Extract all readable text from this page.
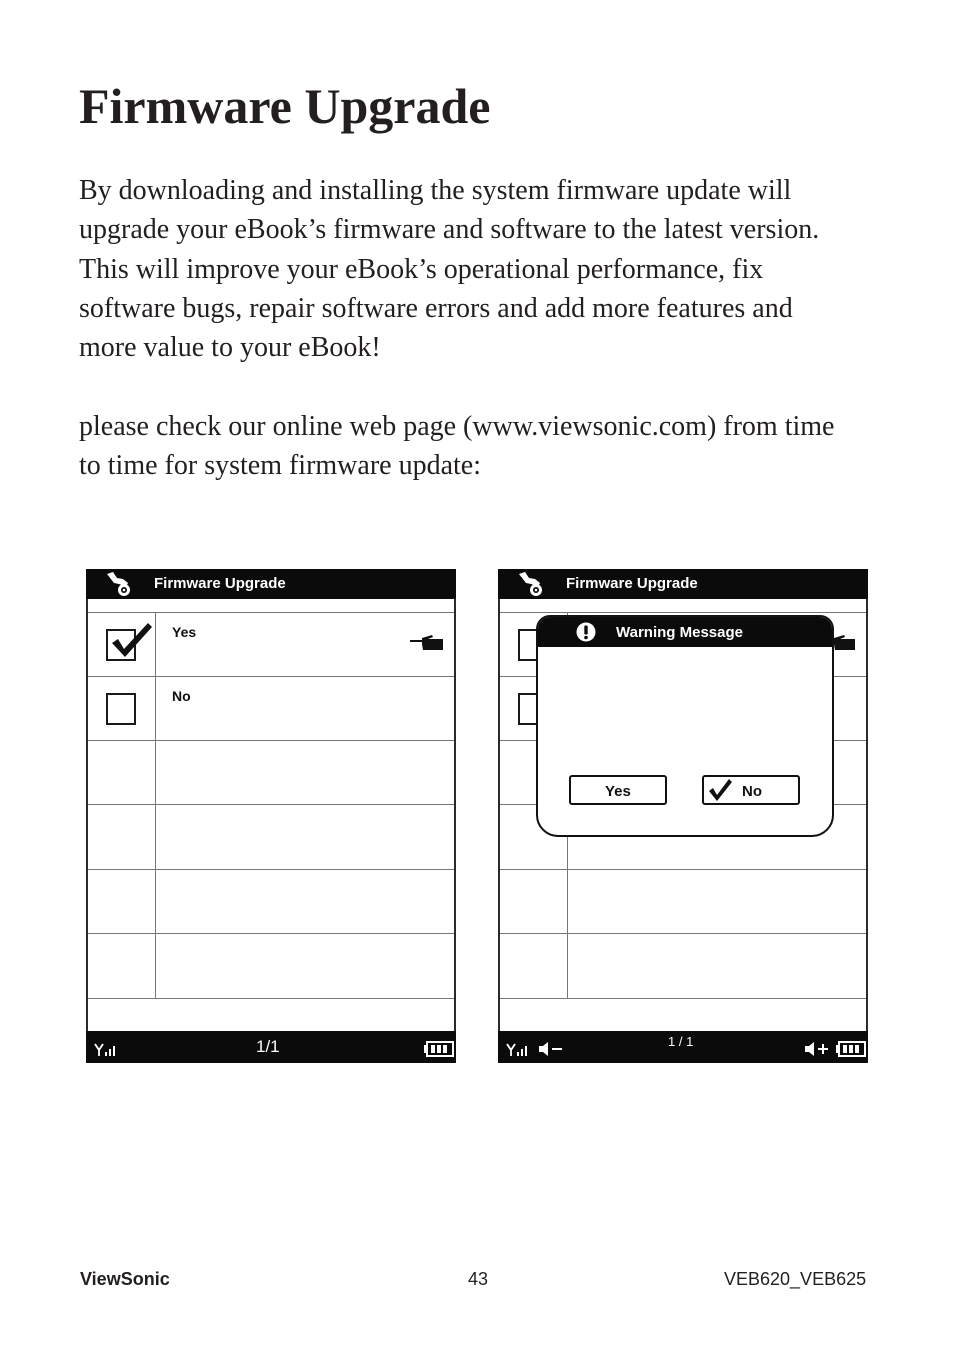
Firmware Upgrade

By downloading and installing the system firmware update will
upgrade your eBook’s firmware and software to the latest version.
This will improve your eBook’s operational performance, fix
software bugs, repair software errors and add more features and
more value to your eBook!

please check our online web page (www.viewsonic.com) from time
to time for system firmware update:

Firmware Upgrade
Yes
No
1/1
Firmware Upgrade
Warning Message
Yes	No
1 / 1
ViewSonic	43	VEB620_VEB625
